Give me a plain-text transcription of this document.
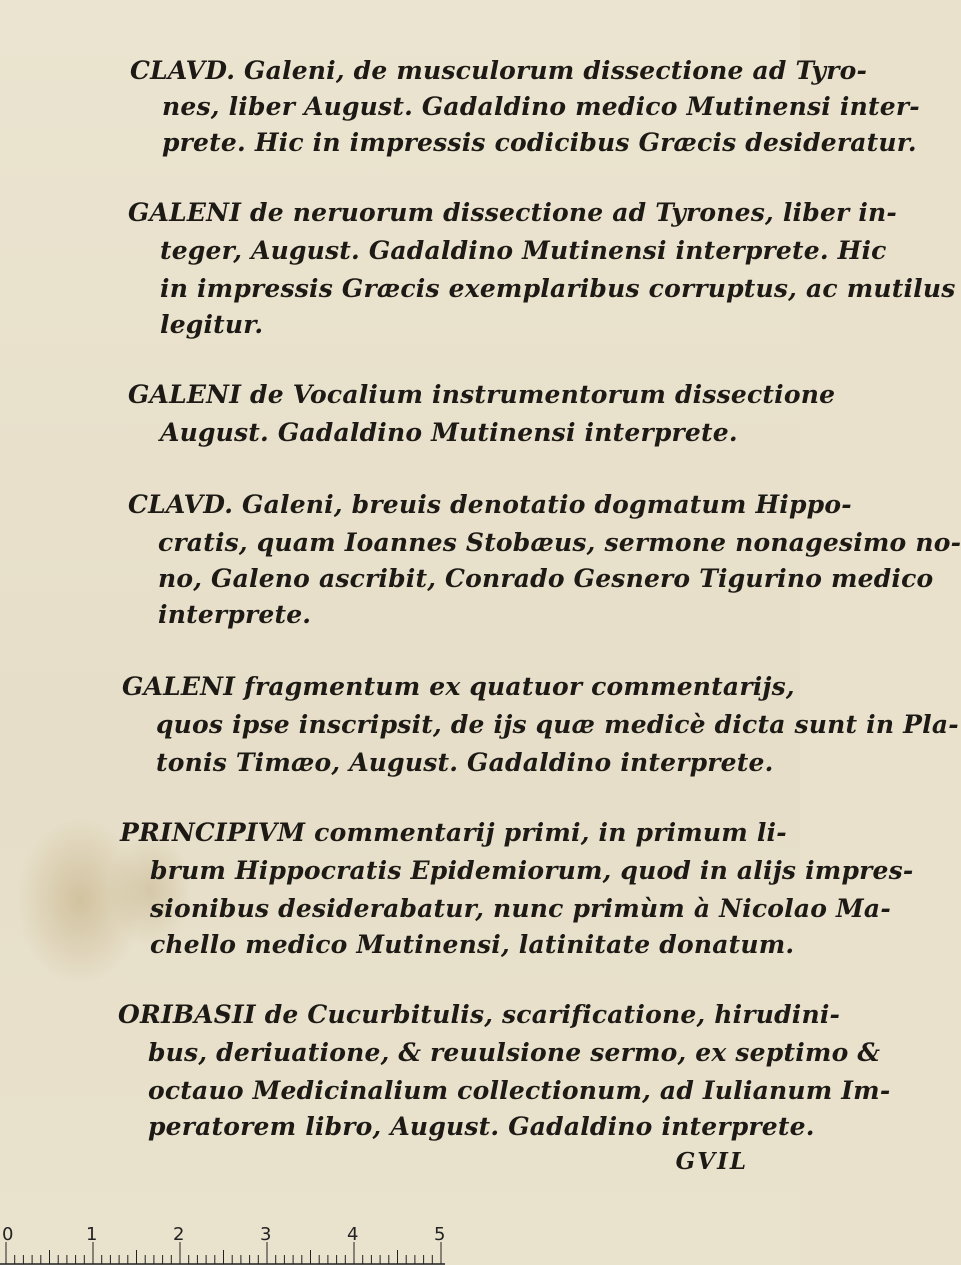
CLAVD. Galeni, de musculorum dissectione ad Tyro-
nes, liber August. Gadaldino medico Mutinensi inter-
prete. Hic in impressis codicibus Græcis desideratur.
GALENI de neruorum dissectione ad Tyrones, liber in-
teger, August. Gadaldino Mutinensi interprete. Hic
in impressis Græcis exemplaribus corruptus, ac mutilus
legitur.
GALENI de Vocalium instrumentorum dissectione
August. Gadaldino Mutinensi interprete.
CLAVD. Galeni, breuis denotatio dogmatum Hippo-
cratis, quam Ioannes Stobæus, sermone nonagesimo no-
no, Galeno ascribit, Conrado Gesnero Tigurino medico
interprete.
GALENI fragmentum ex quatuor commentarijs,
quos ipse inscripsit, de ijs quæ medicè dicta sunt in Pla-
tonis Timæo, August. Gadaldino interprete.
PRINCIPIVM commentarij primi, in primum li-
brum Hippocratis Epidemiorum, quod in alijs impres-
sionibus desiderabatur, nunc primùm à Nicolao Ma-
chello medico Mutinensi, latinitate donatum.
ORIBASII de Cucurbitulis, scarificatione, hirudini-
bus, deriuatione, & reuulsione sermo, ex septimo &
octauo Medicinalium collectionum, ad Iulianum Im-
peratorem libro, August. Gadaldino interprete.
GVIL
0	1	2	3	4	5
